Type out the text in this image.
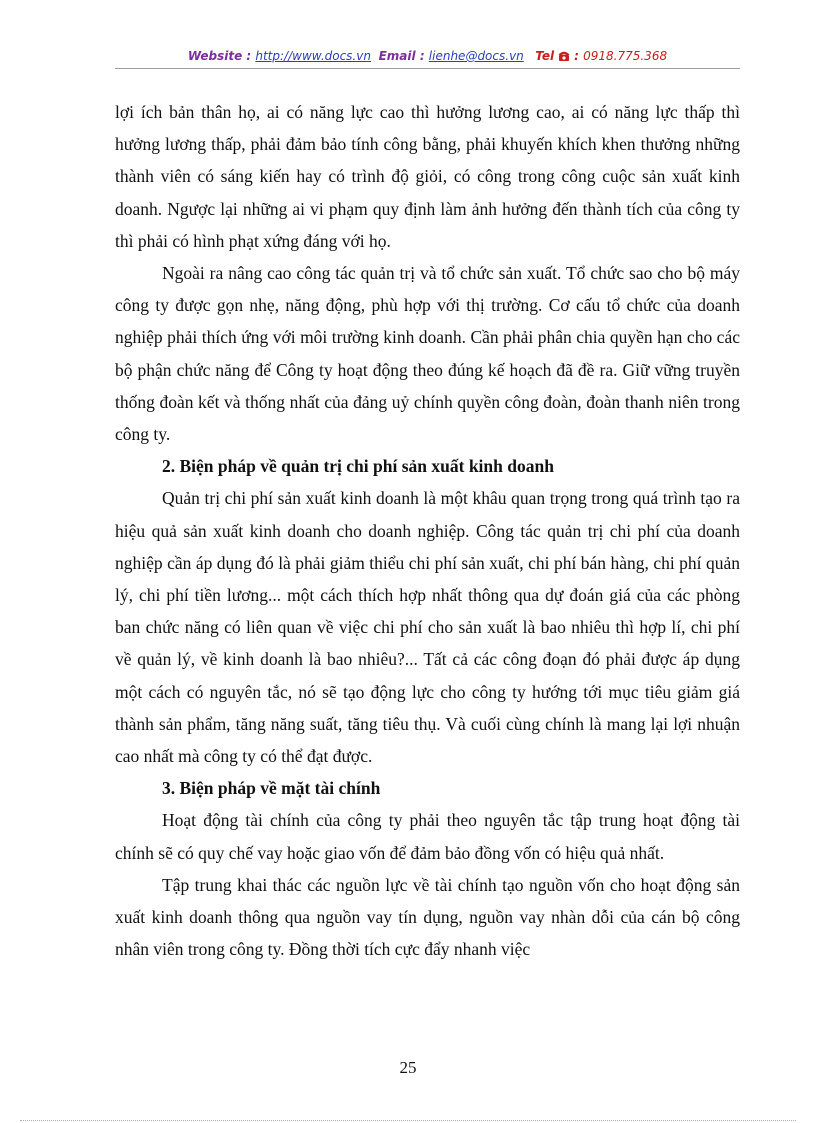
Website : http://www.docs.vn Email : lienhe@docs.vn Tel  : 0918.775.368

lợi ích bản thân họ, ai có năng lực cao thì hưởng lương cao, ai có năng lực thấp thì hưởng lương thấp, phải đảm bảo tính công bằng, phải khuyến khích khen thưởng những thành viên có sáng kiến hay có trình độ giỏi, có công trong công cuộc sản xuất kinh doanh. Ngược lại những ai vi phạm quy định làm ảnh hưởng đến thành tích của công ty thì phải có hình phạt xứng đáng với họ.

Ngoài ra nâng cao công tác quản trị và tổ chức sản xuất. Tổ chức sao cho bộ máy công ty được gọn nhẹ, năng động, phù hợp với thị trường. Cơ cấu tổ chức của doanh nghiệp phải thích ứng với môi trường kinh doanh. Cần phải phân chia quyền hạn cho các bộ phận chức năng để Công ty hoạt động theo đúng kế hoạch đã đề ra. Giữ vững truyền thống đoàn kết và thống nhất của đảng uỷ chính quyền công đoàn, đoàn thanh niên trong công ty.

2. Biện pháp về quản trị chi phí sản xuất kinh doanh

Quản trị chi phí sản xuất kinh doanh là một khâu quan trọng trong quá trình tạo ra hiệu quả sản xuất kinh doanh cho doanh nghiệp. Công tác quản trị chi phí của doanh nghiệp cần áp dụng đó là phải giảm thiểu chi phí sản xuất, chi phí bán hàng, chi phí quản lý, chi phí tiền lương... một cách thích hợp nhất thông qua dự đoán giá của các phòng ban chức năng có liên quan về việc chi phí cho sản xuất là bao nhiêu thì hợp lí, chi phí về quản lý, về kinh doanh là bao nhiêu?... Tất cả các công đoạn đó phải được áp dụng một cách có nguyên tắc, nó sẽ tạo động lực cho công ty hướng tới mục tiêu giảm giá thành sản phẩm, tăng năng suất, tăng tiêu thụ. Và cuối cùng chính là mang lại lợi nhuận cao nhất mà công ty có thể đạt được.

3. Biện pháp về mặt tài chính

Hoạt động tài chính của công ty phải theo nguyên tắc tập trung hoạt động tài chính sẽ có quy chế vay hoặc giao vốn để đảm bảo đồng vốn có hiệu quả nhất.

Tập trung khai thác các nguồn lực về tài chính tạo nguồn vốn cho hoạt động sản xuất kinh doanh thông qua nguồn vay tín dụng, nguồn vay nhàn dỗi của cán bộ công nhân viên trong công ty. Đồng thời tích cực đẩy nhanh việc

25
